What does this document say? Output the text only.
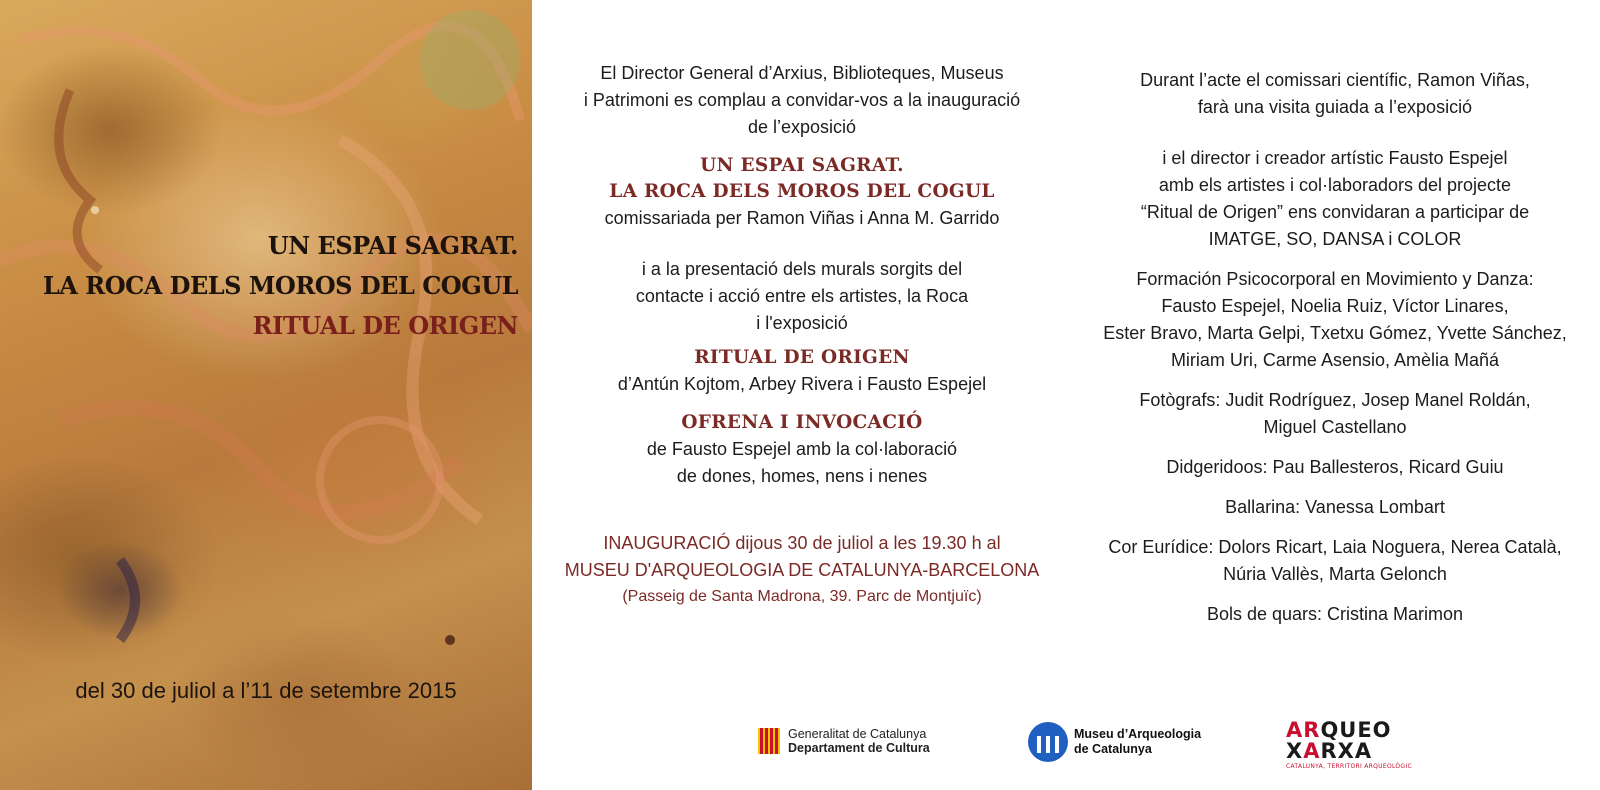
UN ESPAI SAGRAT.
LA ROCA DELS MOROS DEL COGUL
RITUAL DE ORIGEN
del 30 de juliol a l’11 de setembre 2015

El Director General d’Arxius, Biblioteques, Museus
i Patrimoni es complau a convidar-vos a la inauguració
de l’exposició

UN ESPAI SAGRAT.
LA ROCA DELS MOROS DEL COGUL

comissariada per Ramon Viñas i Anna M. Garrido

i a la presentació dels murals sorgits del
contacte i acció entre els artistes, la Roca
i l'exposició

RITUAL DE ORIGEN

d’Antún Kojtom, Arbey Rivera i Fausto Espejel

OFRENA I INVOCACIÓ

de Fausto Espejel amb la col·laboració
de dones, homes, nens i nenes

INAUGURACIÓ dijous 30 de juliol a les 19.30 h al
MUSEU D'ARQUEOLOGIA DE CATALUNYA-BARCELONA

(Passeig de Santa Madrona, 39. Parc de Montjuïc)

Durant l’acte el comissari científic, Ramon Viñas,
farà una visita guiada a l’exposició

i el director i creador artístic Fausto Espejel
amb els artistes i col·laboradors del projecte
“Ritual de Origen” ens convidaran a participar de
IMATGE, SO, DANSA i COLOR

Formación Psicocorporal en Movimiento y Danza:
Fausto Espejel, Noelia Ruiz, Víctor Linares,
Ester Bravo, Marta Gelpi, Txetxu Gómez, Yvette Sánchez,
Miriam Uri, Carme Asensio, Amèlia Mañá

Fotògrafs: Judit Rodríguez, Josep Manel Roldán,
Miguel Castellano

Didgeridoos: Pau Ballesteros, Ricard Guiu

Ballarina: Vanessa Lombart

Cor Eurídice: Dolors Ricart, Laia Noguera, Nerea Català,
Núria Vallès, Marta Gelonch

Bols de quars: Cristina Marimon

Generalitat de Catalunya
Departament de Cultura
Museu d’Arqueologia
de Catalunya
ARQUEO
XARXA
CATALUNYA, TERRITORI ARQUEOLÒGIC
